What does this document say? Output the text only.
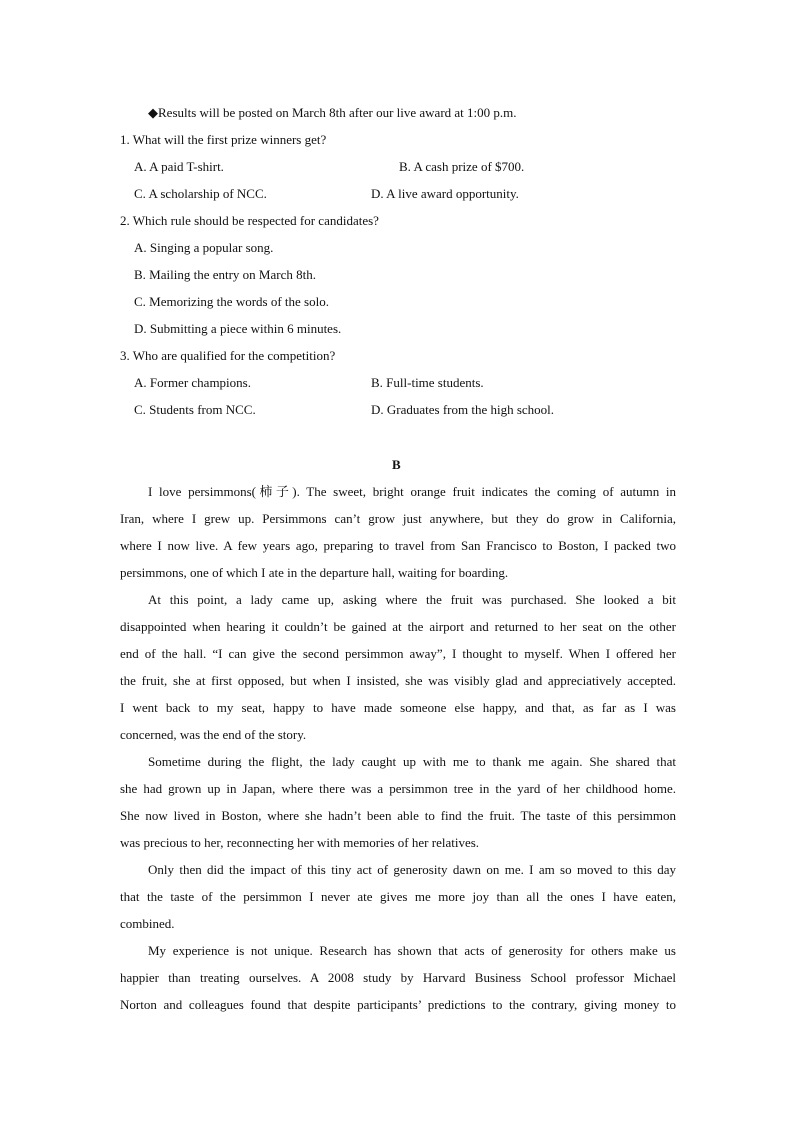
◆Results will be posted on March 8th after our live award at 1:00 p.m.
1. What will the first prize winners get?
A. A paid T-shirt.	B. A cash prize of $700.
C. A scholarship of NCC.	D. A live award opportunity.
2. Which rule should be respected for candidates?
A. Singing a popular song.
B. Mailing the entry on March 8th.
C. Memorizing the words of the solo.
D. Submitting a piece within 6 minutes.
3. Who are qualified for the competition?
A. Former champions.	B. Full-time students.
C. Students from NCC.	D. Graduates from the high school.
B
I love persimmons(柿子). The sweet, bright orange fruit indicates the coming of autumn in
Iran, where I grew up. Persimmons can’t grow just anywhere, but they do grow in California,
where I now live. A few years ago, preparing to travel from San Francisco to Boston, I packed two
persimmons, one of which I ate in the departure hall, waiting for boarding.
At this point, a lady came up, asking where the fruit was purchased. She looked a bit
disappointed when hearing it couldn’t be gained at the airport and returned to her seat on the other
end of the hall. “I can give the second persimmon away”, I thought to myself. When I offered her
the fruit, she at first opposed, but when I insisted, she was visibly glad and appreciatively accepted.
I went back to my seat, happy to have made someone else happy, and that, as far as I was
concerned, was the end of the story.
Sometime during the flight, the lady caught up with me to thank me again. She shared that
she had grown up in Japan, where there was a persimmon tree in the yard of her childhood home.
She now lived in Boston, where she hadn’t been able to find the fruit. The taste of this persimmon
was precious to her, reconnecting her with memories of her relatives.
Only then did the impact of this tiny act of generosity dawn on me. I am so moved to this day
that the taste of the persimmon I never ate gives me more joy than all the ones I have eaten,
combined.
My experience is not unique. Research has shown that acts of generosity for others make us
happier than treating ourselves. A 2008 study by Harvard Business School professor Michael
Norton and colleagues found that despite participants’ predictions to the contrary, giving money to
